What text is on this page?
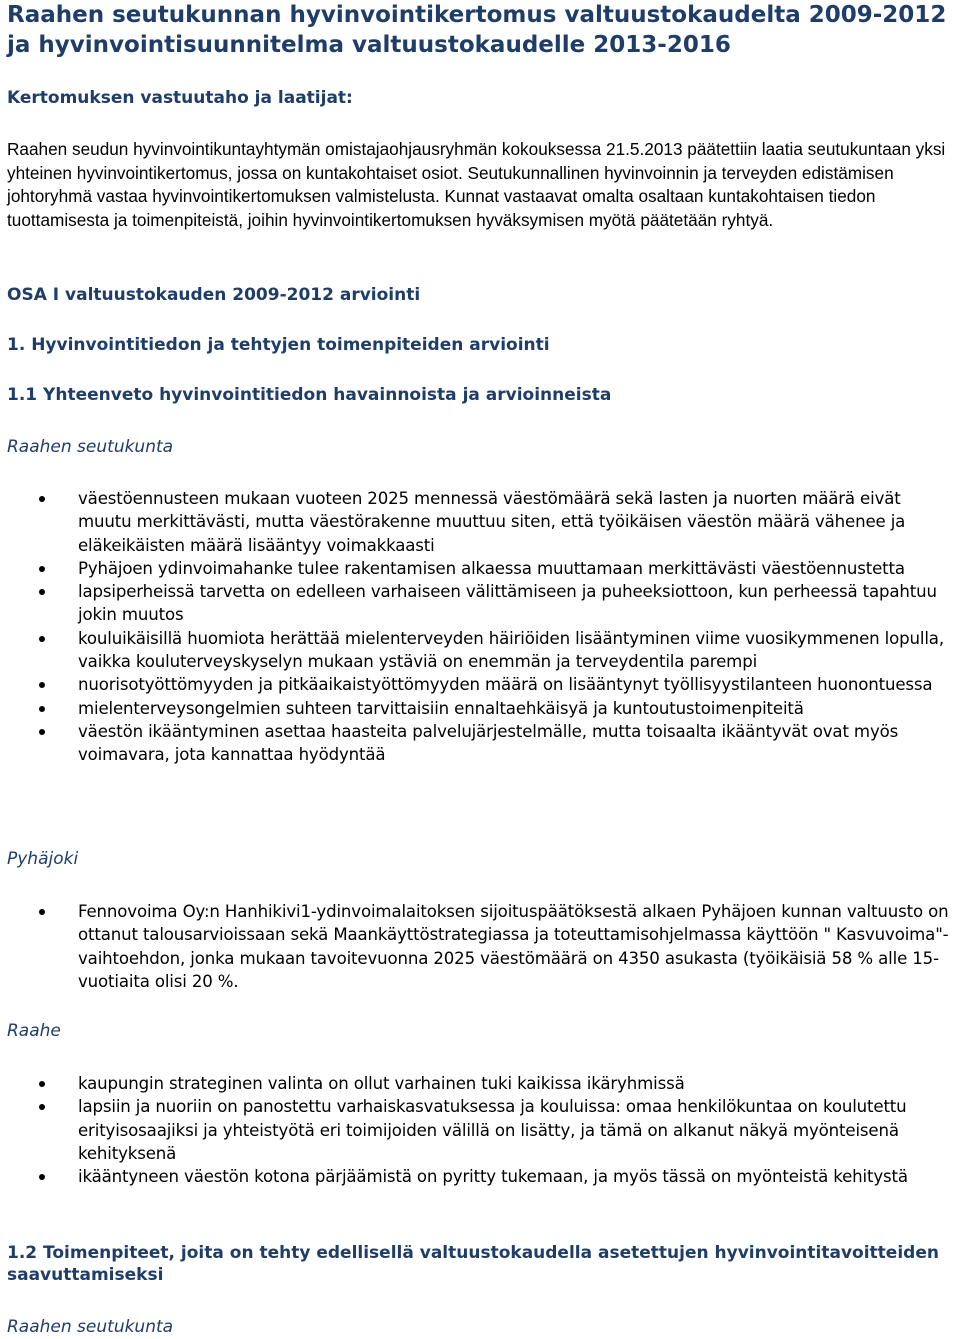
Raahen seutukunnan hyvinvointikertomus valtuustokaudelta 2009-2012 ja hyvinvointisuunnitelma valtuustokaudelle 2013-2016
Kertomuksen vastuutaho ja laatijat:

Raahen seudun hyvinvointikuntayhtymän omistajaohjausryhmän kokouksessa 21.5.2013 päätettiin laatia seutukuntaan yksi yhteinen hyvinvointikertomus, jossa on kuntakohtaiset osiot. Seutukunnallinen hyvinvoinnin ja terveyden edistämisen johtoryhmä vastaa hyvinvointikertomuksen valmistelusta. Kunnat vastaavat omalta osaltaan kuntakohtaisen tiedon tuottamisesta ja toimenpiteistä, joihin hyvinvointikertomuksen hyväksymisen myötä päätetään ryhtyä.

OSA I valtuustokauden 2009-2012 arviointi
1. Hyvinvointitiedon ja tehtyjen toimenpiteiden arviointi
1.1 Yhteenveto hyvinvointitiedon havainnoista ja arvioinneista

Raahen seutukunta

väestöennusteen mukaan vuoteen 2025 mennessä väestömäärä sekä lasten ja nuorten määrä eivät muutu merkittävästi, mutta väestörakenne muuttuu siten, että työikäisen väestön määrä vähenee ja eläkeikäisten määrä lisääntyy voimakkaasti
Pyhäjoen ydinvoimahanke tulee rakentamisen alkaessa muuttamaan merkittävästi väestöennustetta
lapsiperheissä tarvetta on edelleen varhaiseen välittämiseen ja puheeksiottoon, kun perheessä tapahtuu jokin muutos
kouluikäisillä huomiota herättää mielenterveyden häiriöiden lisääntyminen viime vuosikymmenen lopulla, vaikka kouluterveyskyselyn mukaan ystäviä on enemmän ja terveydentila parempi
nuorisotyöttömyyden ja pitkäaikaistyöttömyyden määrä on lisääntynyt työllisyystilanteen huonontuessa
mielenterveysongelmien suhteen tarvittaisiin ennaltaehkäisyä ja kuntoutustoimenpiteitä
väestön ikääntyminen asettaa haasteita palvelujärjestelmälle, mutta toisaalta ikääntyvät ovat myös voimavara, jota kannattaa hyödyntää

Pyhäjoki

Fennovoima Oy:n Hanhikivi1-ydinvoimalaitoksen sijoituspäätöksestä alkaen Pyhäjoen kunnan valtuusto on ottanut talousarvioissaan sekä Maankäyttöstrategiassa ja toteuttamisohjelmassa käyttöön " Kasvuvoima"- vaihtoehdon, jonka mukaan tavoitevuonna 2025 väestömäärä on 4350 asukasta (työikäisiä 58 % alle 15-vuotiaita olisi 20 %.

Raahe

kaupungin strateginen valinta on ollut varhainen tuki kaikissa ikäryhmissä
lapsiin ja nuoriin on panostettu varhaiskasvatuksessa ja kouluissa: omaa henkilökuntaa on koulutettu erityisosaajiksi ja yhteistyötä eri toimijoiden välillä on lisätty, ja tämä on alkanut näkyä myönteisenä kehityksenä
ikääntyneen väestön kotona pärjäämistä on pyritty tukemaan, ja myös tässä on myönteistä kehitystä
1.2 Toimenpiteet, joita on tehty edellisellä valtuustokaudella asetettujen hyvinvointitavoitteiden saavuttamiseksi

Raahen seutukunta
